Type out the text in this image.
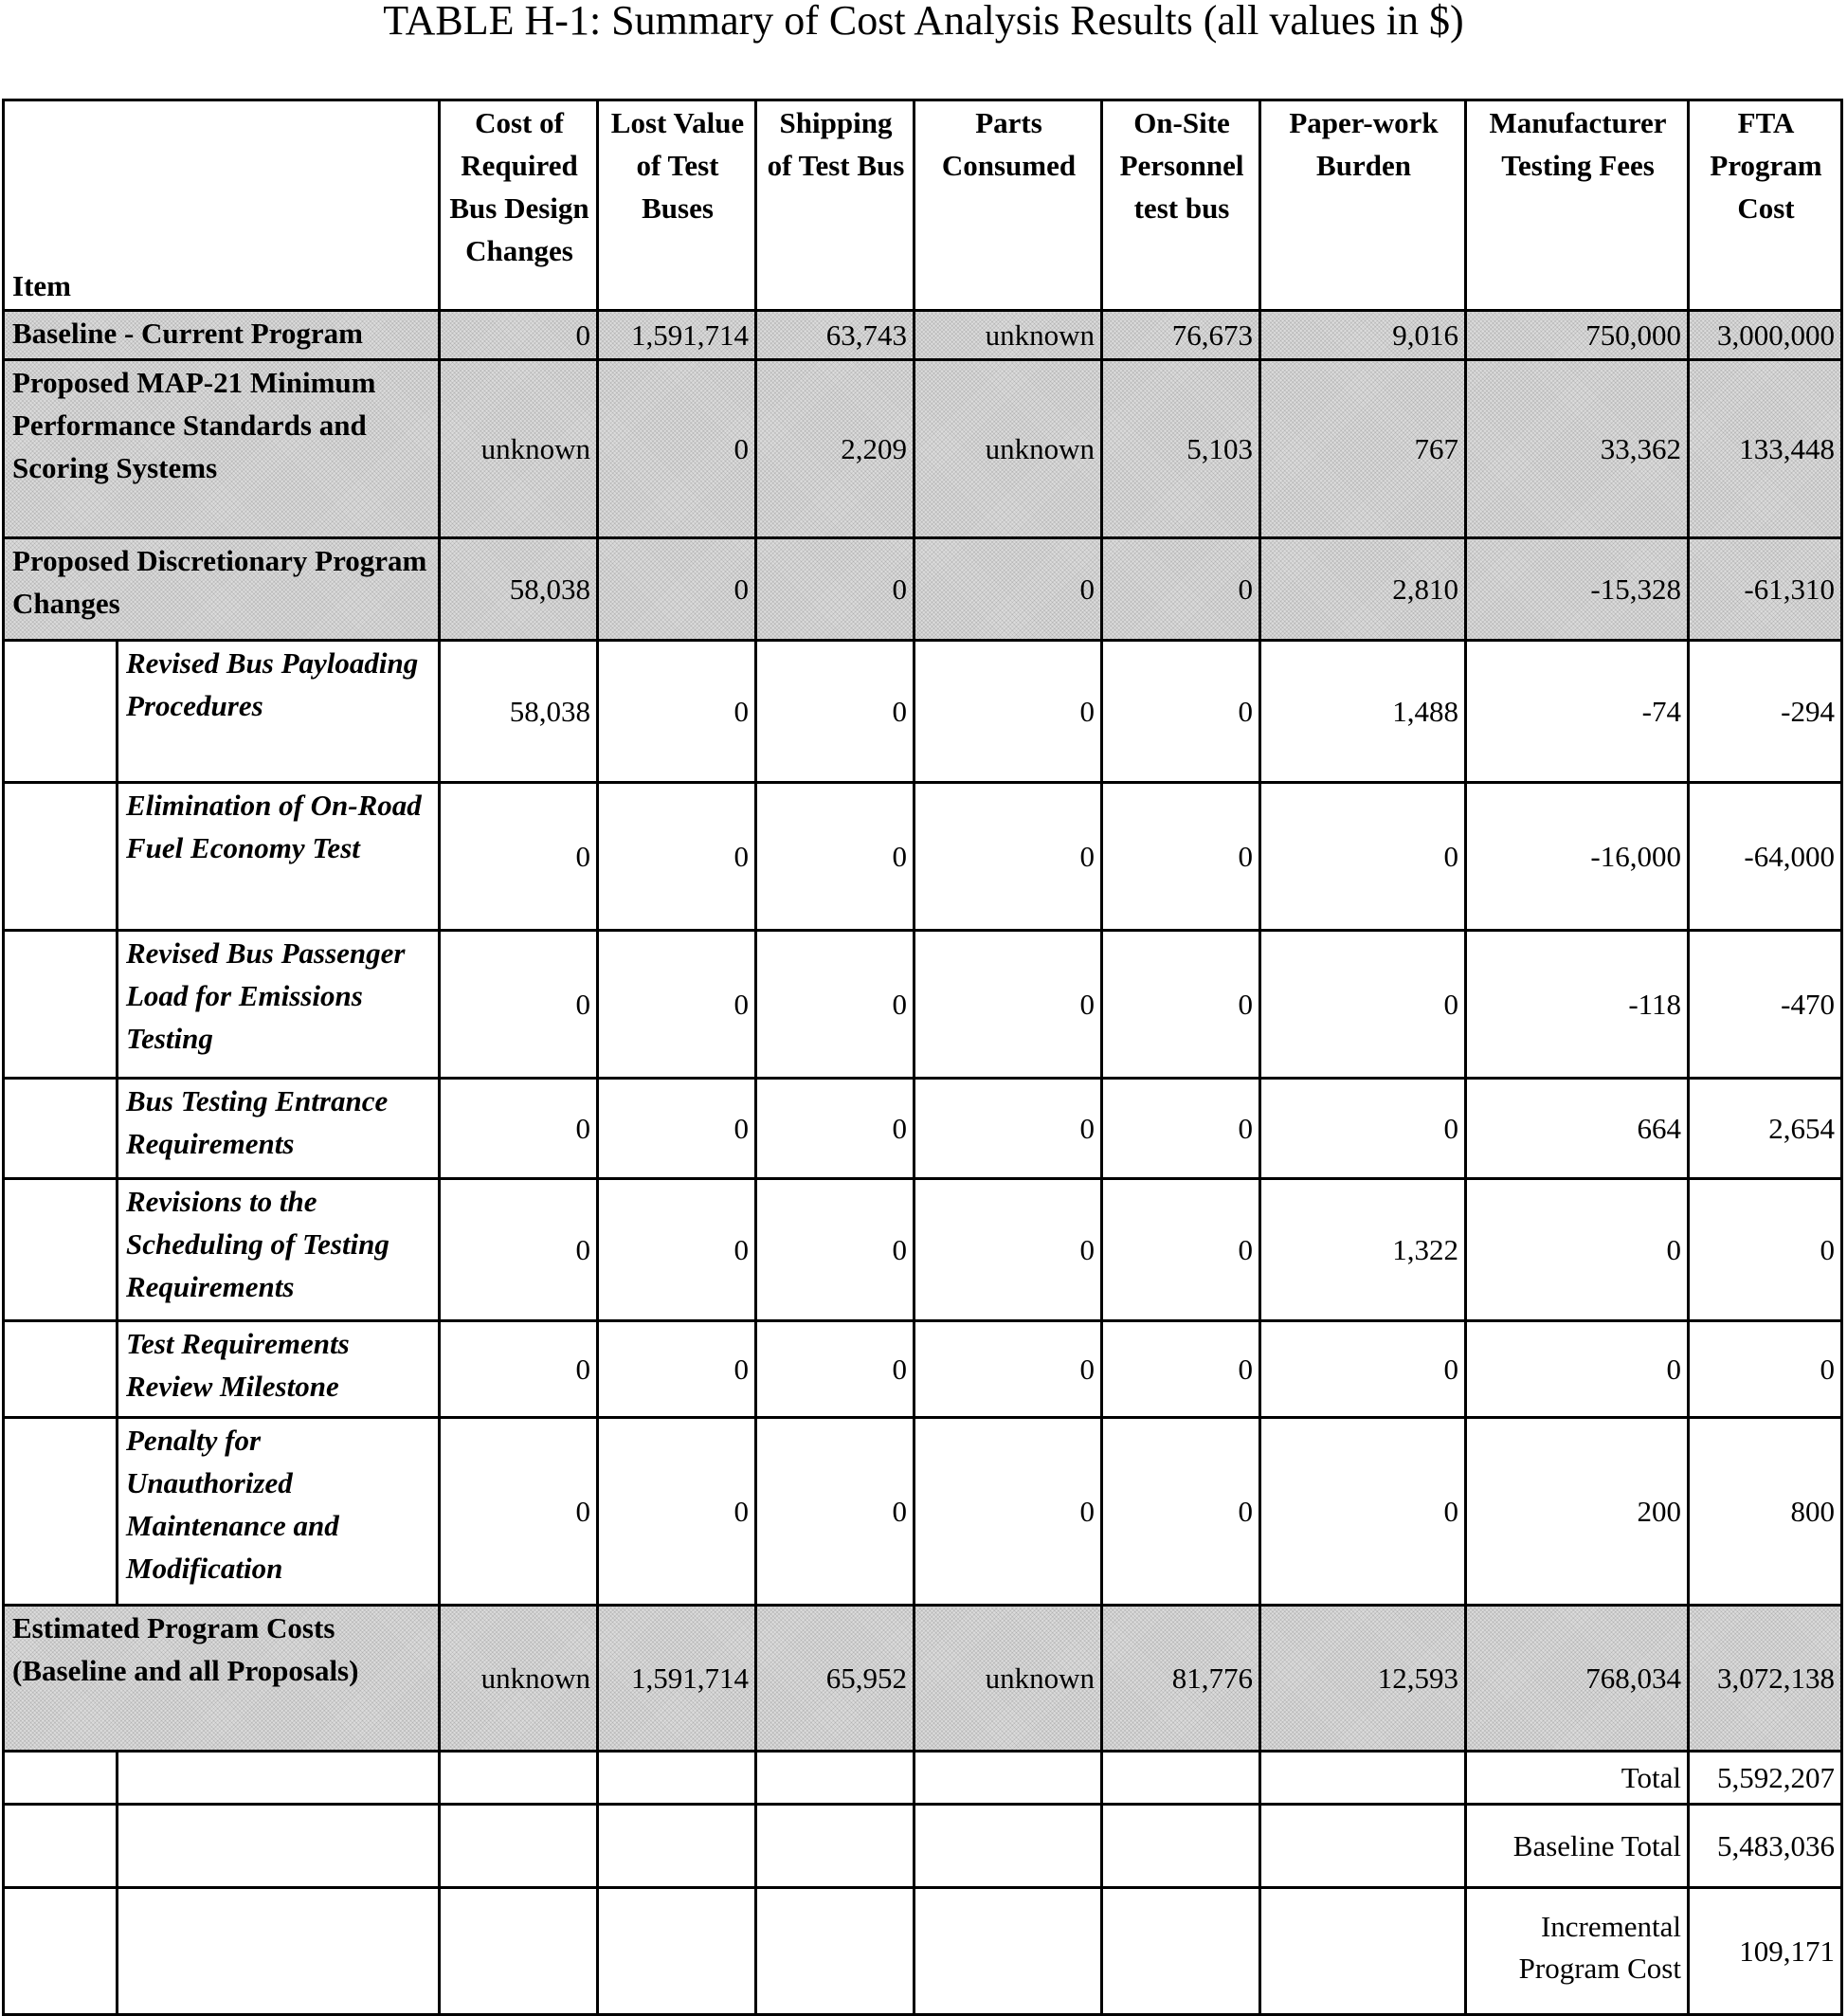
TABLE H-1: Summary of Cost Analysis Results (all values in $)
Item		Cost of Required Bus Design Changes	Lost Value of Test Buses	Shipping of Test Bus	Parts Consumed	On-Site Personnel test bus	Paper-work Burden	Manufacturer Testing Fees	FTA Program Cost
Baseline - Current Program		0	1,591,714	63,743	unknown	76,673	9,016	750,000	3,000,000
Proposed MAP-21 Minimum Performance Standards and Scoring Systems		unknown	0	2,209	unknown	5,103	767	33,362	133,448
Proposed Discretionary Program Changes		58,038	0	0	0	0	2,810	-15,328	-61,310
	Revised Bus Payloading Procedures	58,038	0	0	0	0	1,488	-74	-294
	Elimination of On-Road Fuel Economy Test	0	0	0	0	0	0	-16,000	-64,000
	Revised Bus Passenger Load for Emissions Testing	0	0	0	0	0	0	-118	-470
	Bus Testing Entrance Requirements	0	0	0	0	0	0	664	2,654
	Revisions to the Scheduling of Testing Requirements	0	0	0	0	0	1,322	0	0
	Test Requirements Review Milestone	0	0	0	0	0	0	0	0
	Penalty for Unauthorized Maintenance and Modification	0	0	0	0	0	0	200	800
Estimated Program Costs (Baseline and all Proposals)		unknown	1,591,714	65,952	unknown	81,776	12,593	768,034	3,072,138
								Total	5,592,207
								Baseline Total	5,483,036
								Incremental Program Cost	109,171
